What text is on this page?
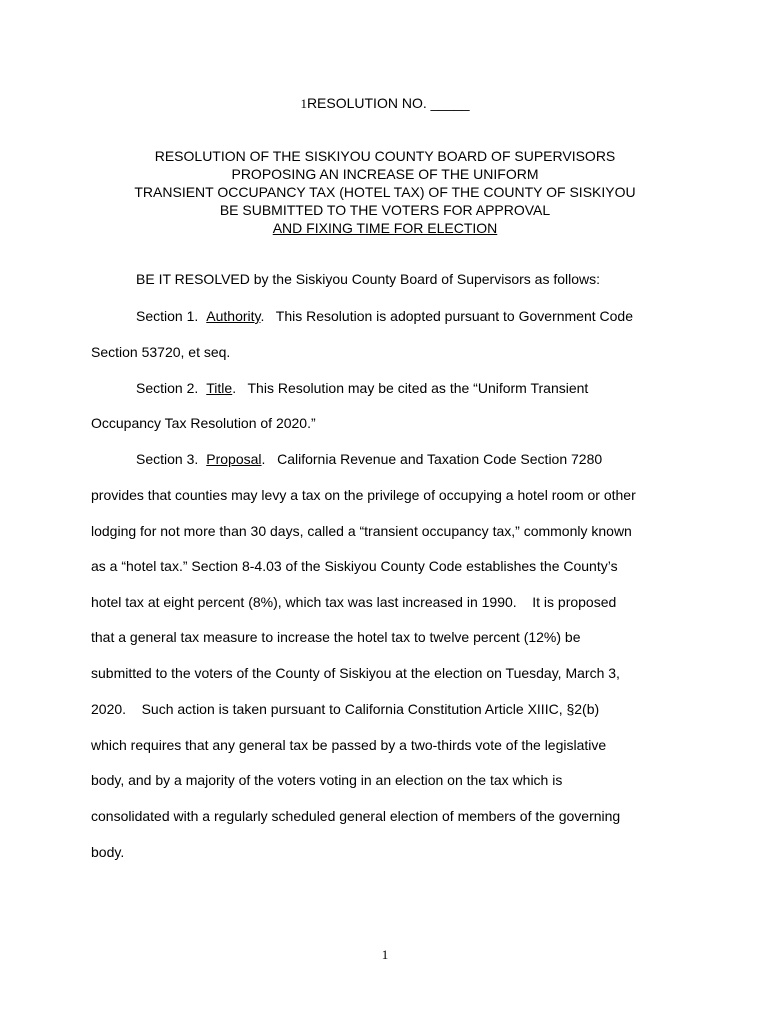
1RESOLUTION NO. _____
RESOLUTION OF THE SISKIYOU COUNTY BOARD OF SUPERVISORS
PROPOSING AN INCREASE OF THE UNIFORM
TRANSIENT OCCUPANCY TAX (HOTEL TAX) OF THE COUNTY OF SISKIYOU
BE SUBMITTED TO THE VOTERS FOR APPROVAL
AND FIXING TIME FOR ELECTION
BE IT RESOLVED by the Siskiyou County Board of Supervisors as follows:
Section 1. Authority.   This Resolution is adopted pursuant to Government Code
Section 53720, et seq.
Section 2. Title.   This Resolution may be cited as the “Uniform Transient
Occupancy Tax Resolution of 2020.”
Section 3. Proposal.   California Revenue and Taxation Code Section 7280
provides that counties may levy a tax on the privilege of occupying a hotel room or other
lodging for not more than 30 days, called a “transient occupancy tax,” commonly known
as a “hotel tax.” Section 8-4.03 of the Siskiyou County Code establishes the County’s
hotel tax at eight percent (8%), which tax was last increased in 1990.    It is proposed
that a general tax measure to increase the hotel tax to twelve percent (12%) be
submitted to the voters of the County of Siskiyou at the election on Tuesday, March 3,
2020.    Such action is taken pursuant to California Constitution Article XIIIC, §2(b)
which requires that any general tax be passed by a two-thirds vote of the legislative
body, and by a majority of the voters voting in an election on the tax which is
consolidated with a regularly scheduled general election of members of the governing
body.
1
